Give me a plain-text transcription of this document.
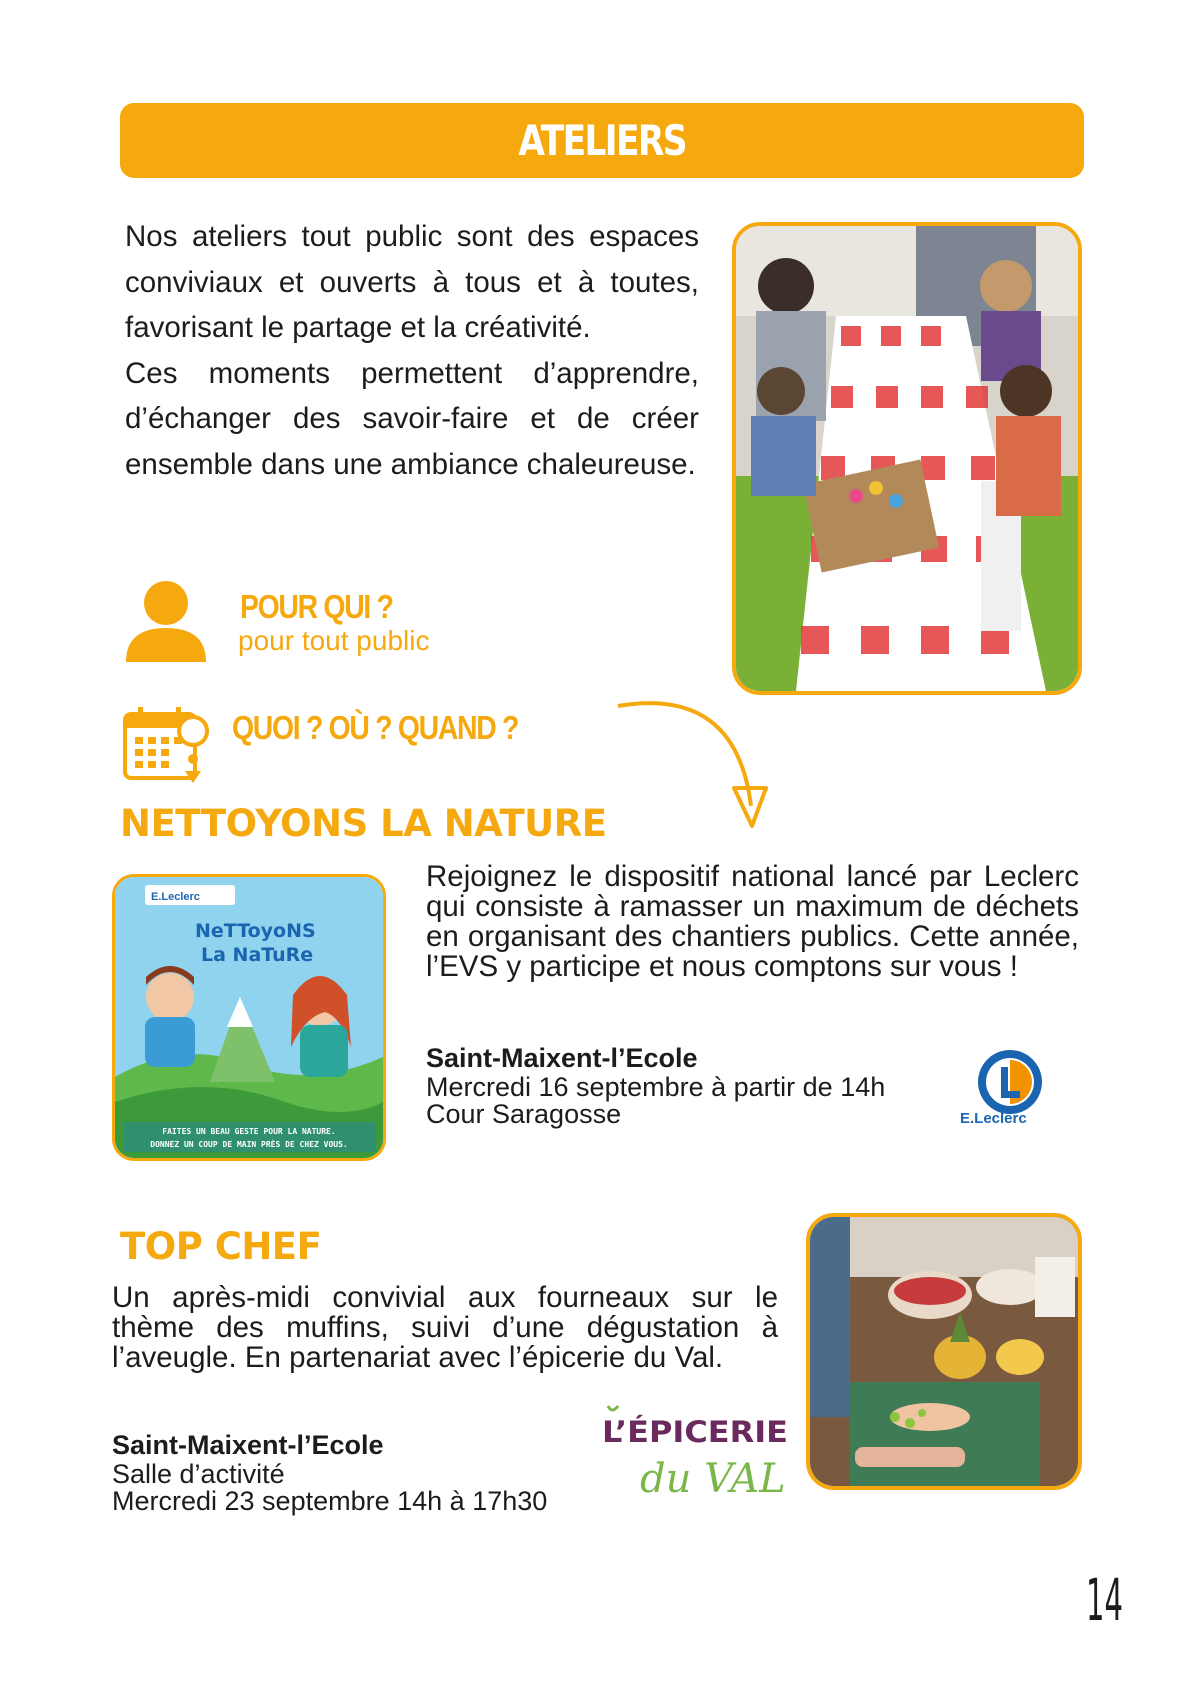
ATELIERS

Nos ateliers tout public sont des espaces conviviaux et ouverts à tous et à toutes, favorisant le partage et la créativité.

Ces moments permettent d’apprendre, d’échanger des savoir-faire et de créer ensemble dans une ambiance chaleureuse.

POUR QUI ?
pour tout public
QUOI ? OÙ ? QUAND ?
NETTOYONS LA NATURE
E.Leclerc
NeTToyoNS
La NaTuRe
FAITES UN BEAU GESTE POUR LA NATURE.
DONNEZ UN COUP DE MAIN PRÈS DE CHEZ VOUS.
Rejoignez le dispositif national lancé par Leclerc qui consiste à ramasser un maximum de déchets en organisant des chantiers publics. Cette année, l’EVS y participe et nous comptons sur vous !
Saint-Maixent-l’Ecole
Mercredi 16 septembre à partir de 14h
Cour Saragosse	E.Leclerc
TOP CHEF
Un après-midi convivial aux fourneaux sur le thème des muffins, suivi d’une dégustation à l’aveugle. En partenariat avec l’épicerie du Val.
Saint-Maixent-l’Ecole
Salle d’activité
Mercredi 23 septembre 14h à 17h30
L’ÉPICERIE
du VAL
14
